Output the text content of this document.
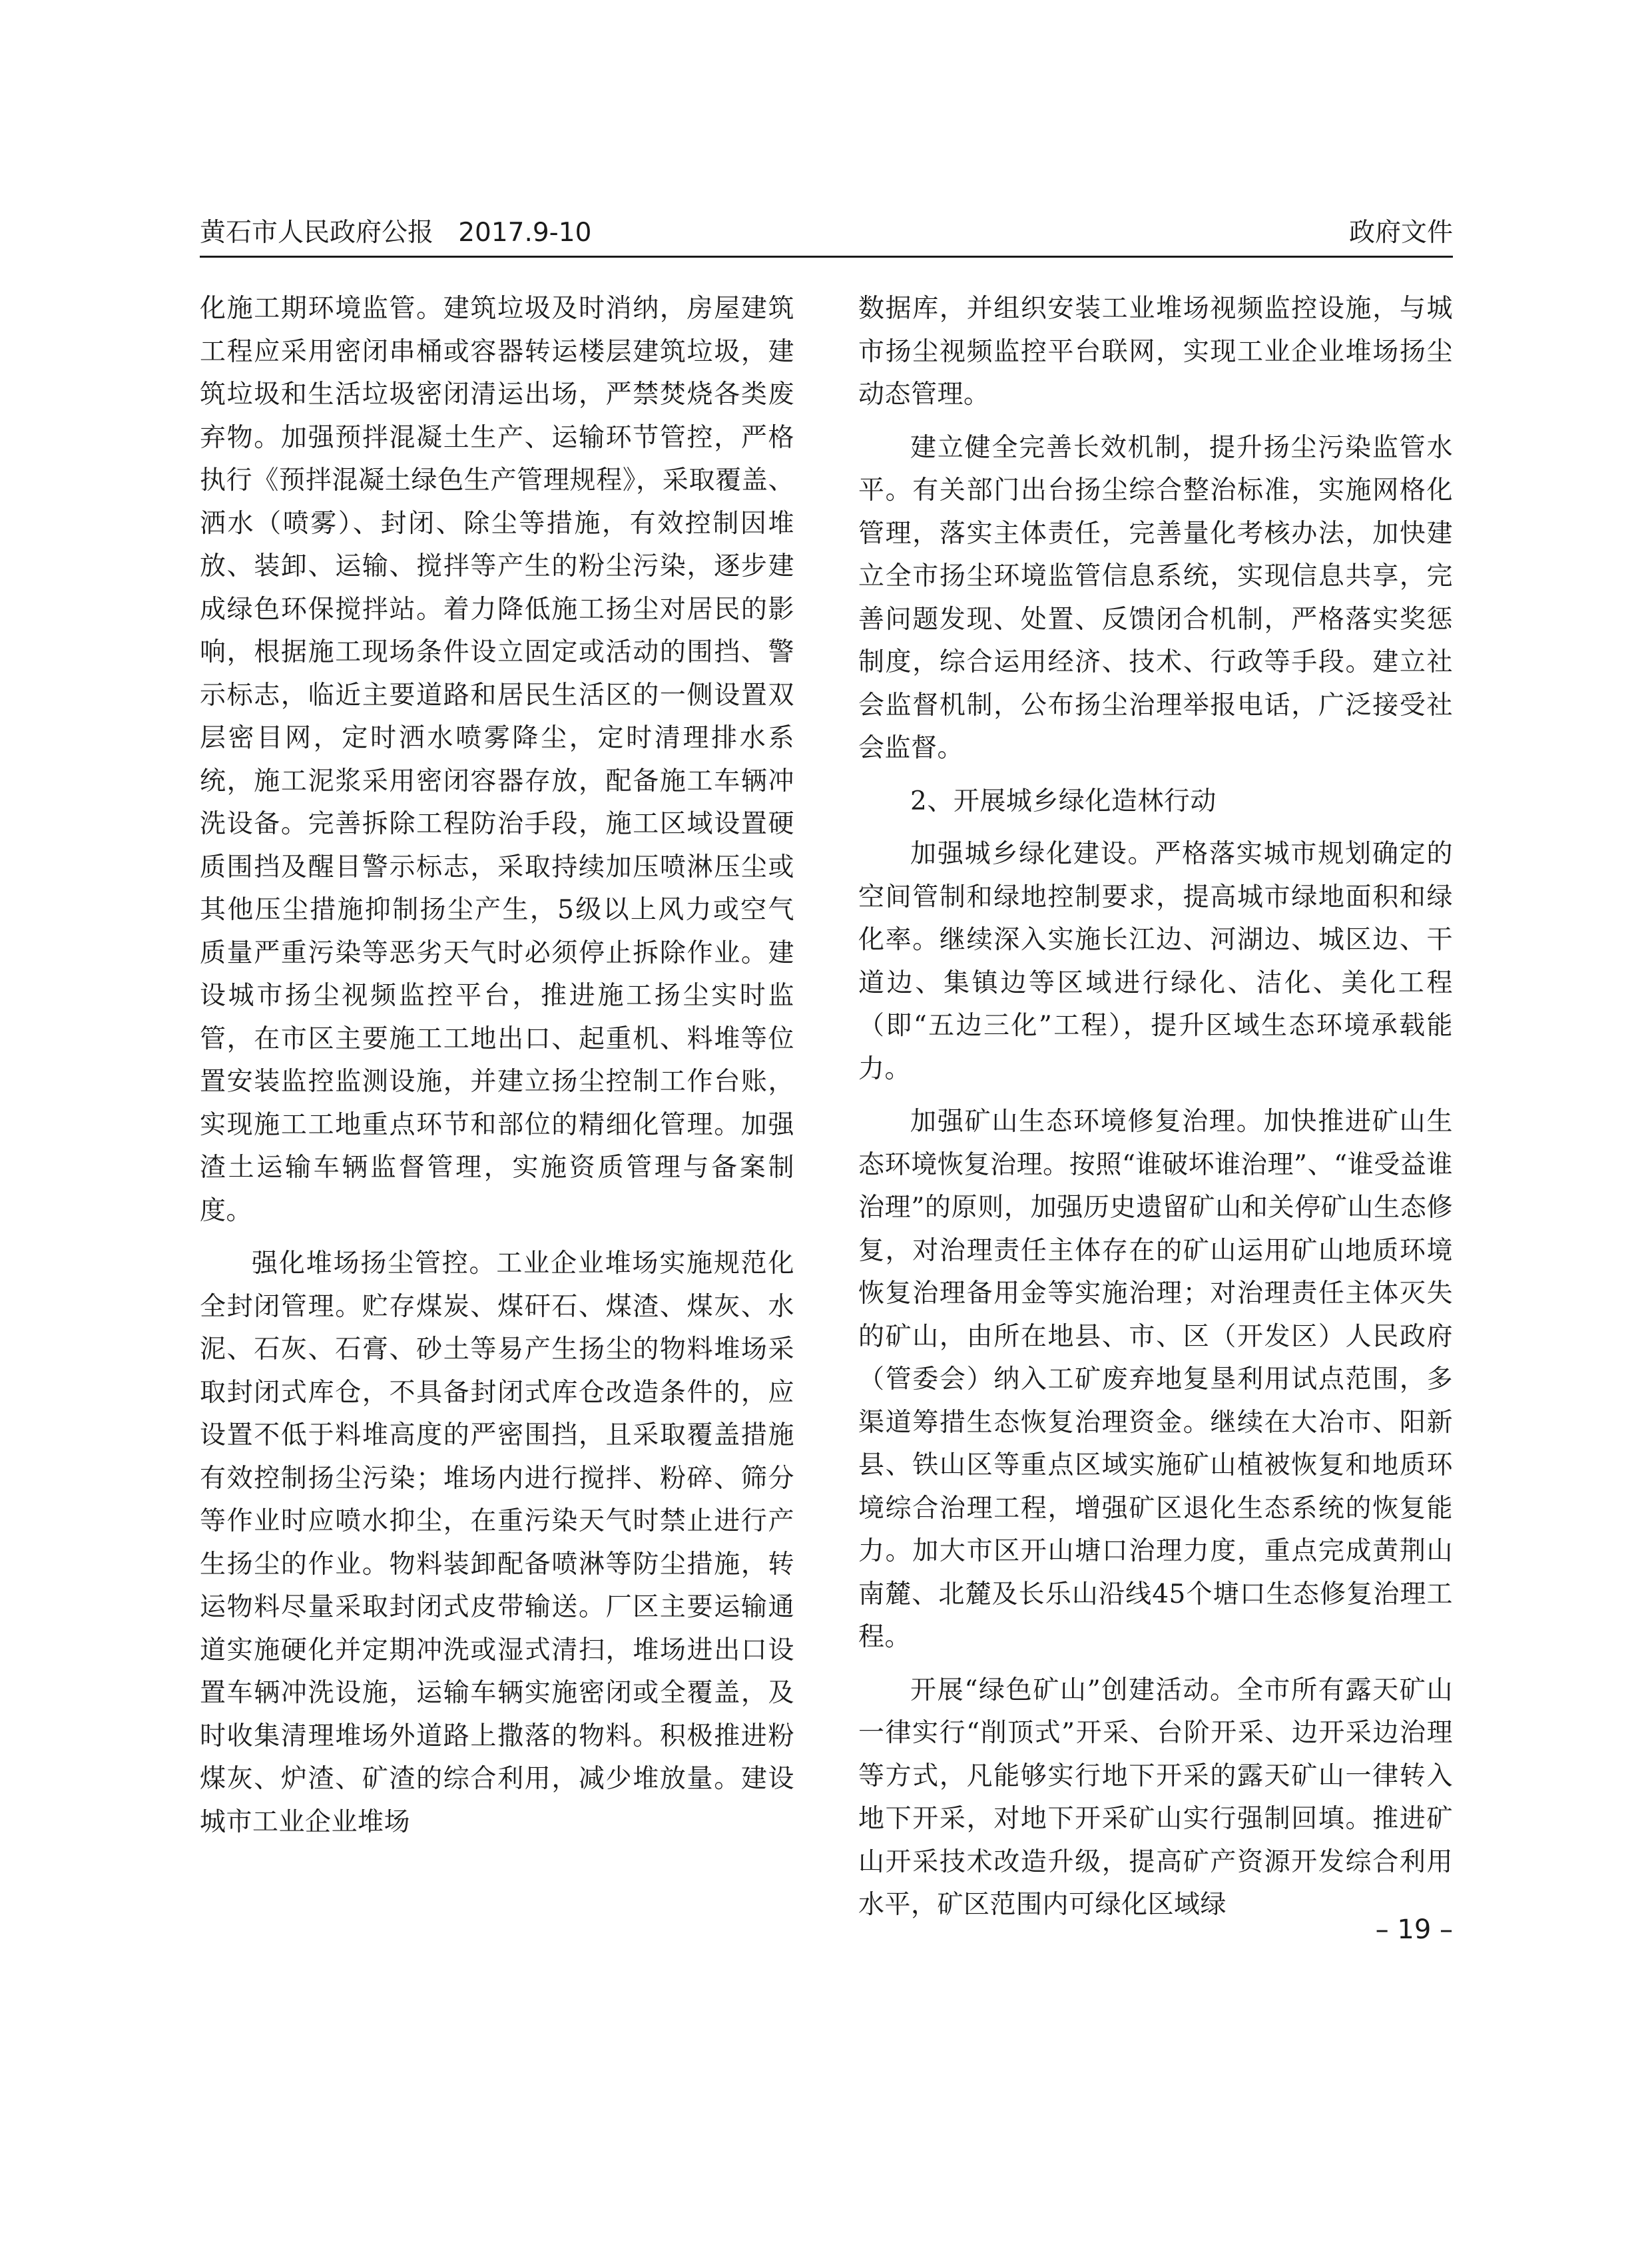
黄石市人民政府公报 2017.9-10	政府文件

化施工期环境监管。建筑垃圾及时消纳，房屋建筑工程应采用密闭串桶或容器转运楼层建筑垃圾，建筑垃圾和生活垃圾密闭清运出场，严禁焚烧各类废弃物。加强预拌混凝土生产、运输环节管控，严格执行《预拌混凝土绿色生产管理规程》，采取覆盖、洒水（喷雾）、封闭、除尘等措施，有效控制因堆放、装卸、运输、搅拌等产生的粉尘污染，逐步建成绿色环保搅拌站。着力降低施工扬尘对居民的影响，根据施工现场条件设立固定或活动的围挡、警示标志，临近主要道路和居民生活区的一侧设置双层密目网，定时洒水喷雾降尘，定时清理排水系统，施工泥浆采用密闭容器存放，配备施工车辆冲洗设备。完善拆除工程防治手段，施工区域设置硬质围挡及醒目警示标志，采取持续加压喷淋压尘或其他压尘措施抑制扬尘产生，5级以上风力或空气质量严重污染等恶劣天气时必须停止拆除作业。建设城市扬尘视频监控平台，推进施工扬尘实时监管，在市区主要施工工地出口、起重机、料堆等位置安装监控监测设施，并建立扬尘控制工作台账，实现施工工地重点环节和部位的精细化管理。加强渣土运输车辆监督管理，实施资质管理与备案制度。

强化堆场扬尘管控。工业企业堆场实施规范化全封闭管理。贮存煤炭、煤矸石、煤渣、煤灰、水泥、石灰、石膏、砂土等易产生扬尘的物料堆场采取封闭式库仓，不具备封闭式库仓改造条件的，应设置不低于料堆高度的严密围挡，且采取覆盖措施有效控制扬尘污染；堆场内进行搅拌、粉碎、筛分等作业时应喷水抑尘，在重污染天气时禁止进行产生扬尘的作业。物料装卸配备喷淋等防尘措施，转运物料尽量采取封闭式皮带输送。厂区主要运输通道实施硬化并定期冲洗或湿式清扫，堆场进出口设置车辆冲洗设施，运输车辆实施密闭或全覆盖，及时收集清理堆场外道路上撒落的物料。积极推进粉煤灰、炉渣、矿渣的综合利用，减少堆放量。建设城市工业企业堆场

数据库，并组织安装工业堆场视频监控设施，与城市扬尘视频监控平台联网，实现工业企业堆场扬尘动态管理。

建立健全完善长效机制，提升扬尘污染监管水平。有关部门出台扬尘综合整治标准，实施网格化管理，落实主体责任，完善量化考核办法，加快建立全市扬尘环境监管信息系统，实现信息共享，完善问题发现、处置、反馈闭合机制，严格落实奖惩制度，综合运用经济、技术、行政等手段。建立社会监督机制，公布扬尘治理举报电话，广泛接受社会监督。

2、开展城乡绿化造林行动

加强城乡绿化建设。严格落实城市规划确定的空间管制和绿地控制要求，提高城市绿地面积和绿化率。继续深入实施长江边、河湖边、城区边、干道边、集镇边等区域进行绿化、洁化、美化工程（即“五边三化”工程），提升区域生态环境承载能力。

加强矿山生态环境修复治理。加快推进矿山生态环境恢复治理。按照“谁破坏谁治理”、“谁受益谁治理”的原则，加强历史遗留矿山和关停矿山生态修复，对治理责任主体存在的矿山运用矿山地质环境恢复治理备用金等实施治理；对治理责任主体灭失的矿山，由所在地县、市、区（开发区）人民政府（管委会）纳入工矿废弃地复垦利用试点范围，多渠道筹措生态恢复治理资金。继续在大冶市、阳新县、铁山区等重点区域实施矿山植被恢复和地质环境综合治理工程，增强矿区退化生态系统的恢复能力。加大市区开山塘口治理力度，重点完成黄荆山南麓、北麓及长乐山沿线45个塘口生态修复治理工程。

开展“绿色矿山”创建活动。全市所有露天矿山一律实行“削顶式”开采、台阶开采、边开采边治理等方式，凡能够实行地下开采的露天矿山一律转入地下开采，对地下开采矿山实行强制回填。推进矿山开采技术改造升级，提高矿产资源开发综合利用水平，矿区范围内可绿化区域绿

– 19 –
